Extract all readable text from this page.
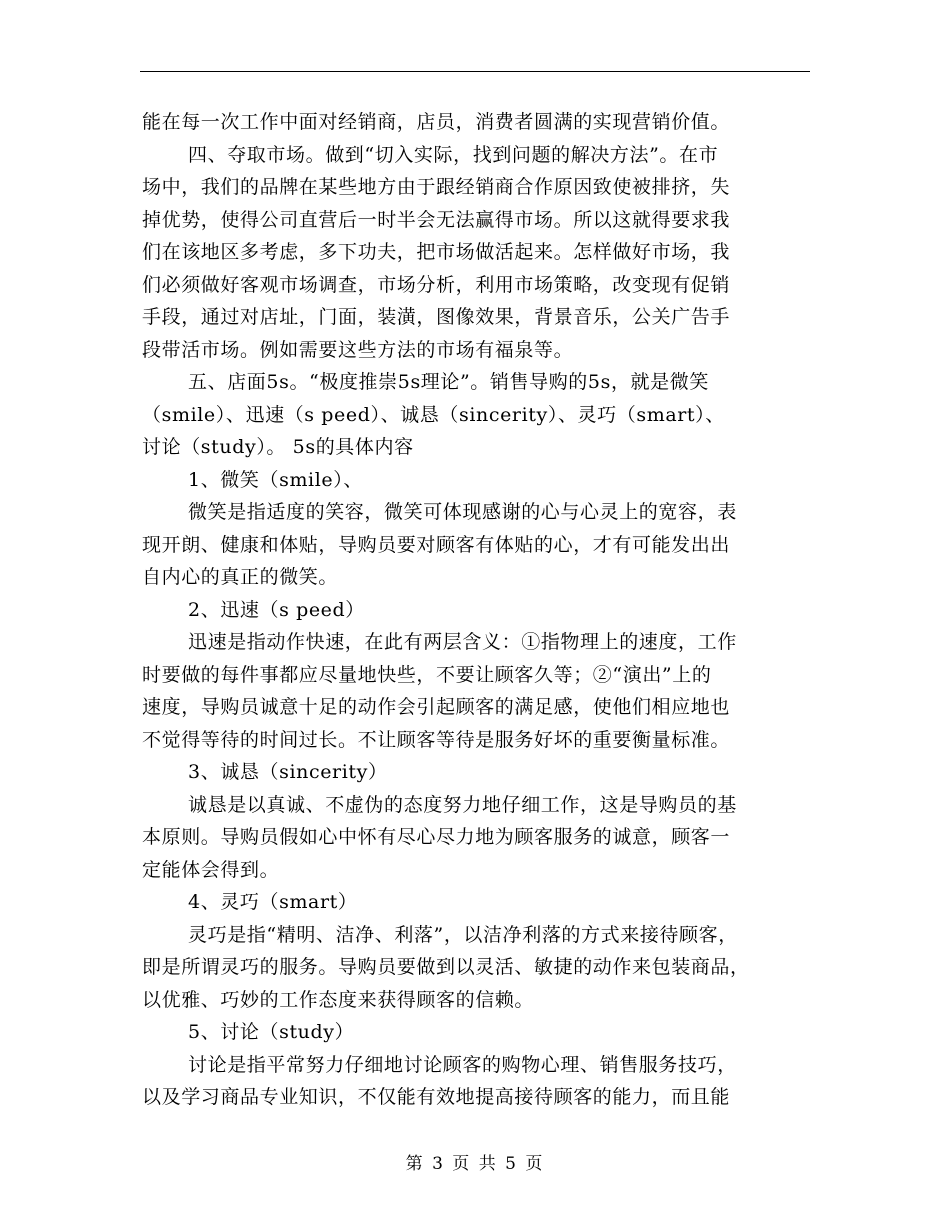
能在每一次工作中面对经销商，店员，消费者圆满的实现营销价值。
四、夺取市场。做到“切入实际，找到问题的解决方法”。在市
场中，我们的品牌在某些地方由于跟经销商合作原因致使被排挤，失
掉优势，使得公司直营后一时半会无法赢得市场。所以这就得要求我
们在该地区多考虑，多下功夫，把市场做活起来。怎样做好市场，我
们必须做好客观市场调查，市场分析，利用市场策略，改变现有促销
手段，通过对店址，门面，装潢，图像效果，背景音乐，公关广告手
段带活市场。例如需要这些方法的市场有福泉等。
五、店面5s。“极度推崇5s理论”。销售导购的5s，就是微笑
（smile）、迅速（s peed）、诚恳（sincerity）、灵巧（smart）、
讨论（study）。 5s的具体内容
1、微笑（smile）、
微笑是指适度的笑容，微笑可体现感谢的心与心灵上的宽容，表
现开朗、健康和体贴，导购员要对顾客有体贴的心，才有可能发出出
自内心的真正的微笑。
2、迅速（s peed）
迅速是指动作快速，在此有两层含义：①指物理上的速度，工作
时要做的每件事都应尽量地快些，不要让顾客久等；②“演出”上的
速度，导购员诚意十足的动作会引起顾客的满足感，使他们相应地也
不觉得等待的时间过长。不让顾客等待是服务好坏的重要衡量标准。
3、诚恳（sincerity）
诚恳是以真诚、不虚伪的态度努力地仔细工作，这是导购员的基
本原则。导购员假如心中怀有尽心尽力地为顾客服务的诚意，顾客一
定能体会得到。
4、灵巧（smart）
灵巧是指“精明、洁净、利落”，以洁净利落的方式来接待顾客，
即是所谓灵巧的服务。导购员要做到以灵活、敏捷的动作来包装商品，
以优雅、巧妙的工作态度来获得顾客的信赖。
5、讨论（study）
讨论是指平常努力仔细地讨论顾客的购物心理、销售服务技巧，
以及学习商品专业知识，不仅能有效地提高接待顾客的能力，而且能
第 3 页 共 5 页
